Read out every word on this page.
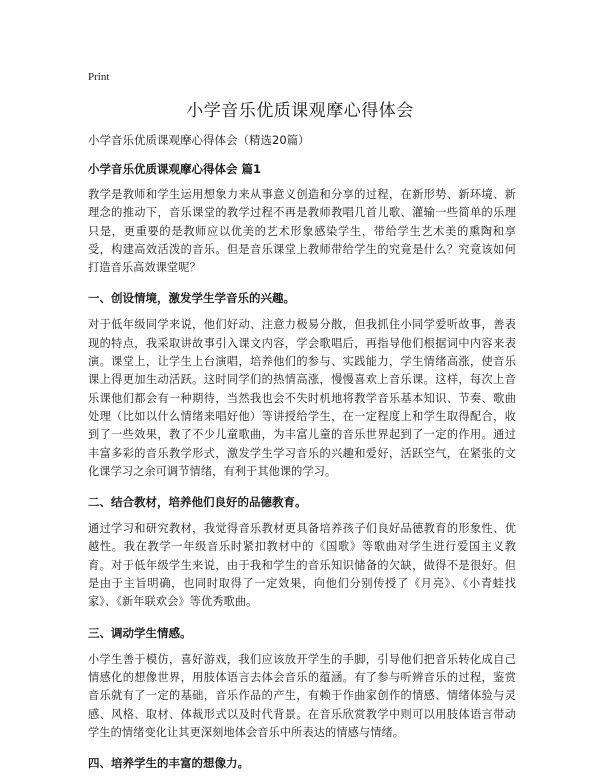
Print
小学音乐优质课观摩心得体会

小学音乐优质课观摩心得体会（精选20篇）

小学音乐优质课观摩心得体会 篇1

教学是教师和学生运用想象力来从事意义创造和分享的过程，在新形势、新环境、新理念的推动下，音乐课堂的教学过程不再是教师教唱几首儿歌、灌输一些简单的乐理只是，更重要的是教师应以优美的艺术形象感染学生，带给学生艺术美的熏陶和享受，构建高效活泼的音乐。但是音乐课堂上教师带给学生的究竟是什么？究竟该如何打造音乐高效课堂呢？

一、创设情境，激发学生学音乐的兴趣。

对于低年级同学来说，他们好动、注意力极易分散，但我抓住小同学爱听故事，善表现的特点，我采取讲故事引入课文内容，学会歌唱后，再指导他们根据词中内容来表演。课堂上，让学生上台演唱，培养他们的参与、实践能力，学生情绪高涨，使音乐课上得更加生动活跃。这时同学们的热情高涨，慢慢喜欢上音乐课。这样，每次上音乐课他们都会有一种期待，当然我也会不失时机地将教学音乐基本知识、节奏、歌曲处理（比如以什么情绪来唱好他）等讲授给学生，在一定程度上和学生取得配合，收到了一些效果，教了不少儿童歌曲，为丰富儿童的音乐世界起到了一定的作用。通过丰富多彩的音乐教学形式，激发学生学习音乐的兴趣和爱好，活跃空气，在紧张的文化课学习之余可调节情绪，有利于其他课的学习。

二、结合教材，培养他们良好的品德教育。

通过学习和研究教材，我觉得音乐教材更具备培养孩子们良好品德教育的形象性、优越性。我在教学一年级音乐时紧扣教材中的《国歌》等歌曲对学生进行爱国主义教育。对于低年级学生来说，由于我和学生的音乐知识储备的欠缺，做得不是很好。但是由于主旨明确，也同时取得了一定效果，向他们分别传授了《月亮》、《小青蛙找家》、《新年联欢会》等优秀歌曲。

三、调动学生情感。

小学生善于模仿，喜好游戏，我们应该放开学生的手脚，引导他们把音乐转化成自己情感化的想像世界，用肢体语言去体会音乐的蕴涵。有了参与听辨音乐的过程，鉴赏音乐就有了一定的基础，音乐作品的产生，有赖于作曲家创作的情感、情绪体验与灵感、风格、取材、体裁形式以及时代背景。在音乐欣赏教学中则可以用肢体语言带动学生的情绪变化让其更深刻地体会音乐中所表达的情感与情绪。

四、培养学生的丰富的想像力。
